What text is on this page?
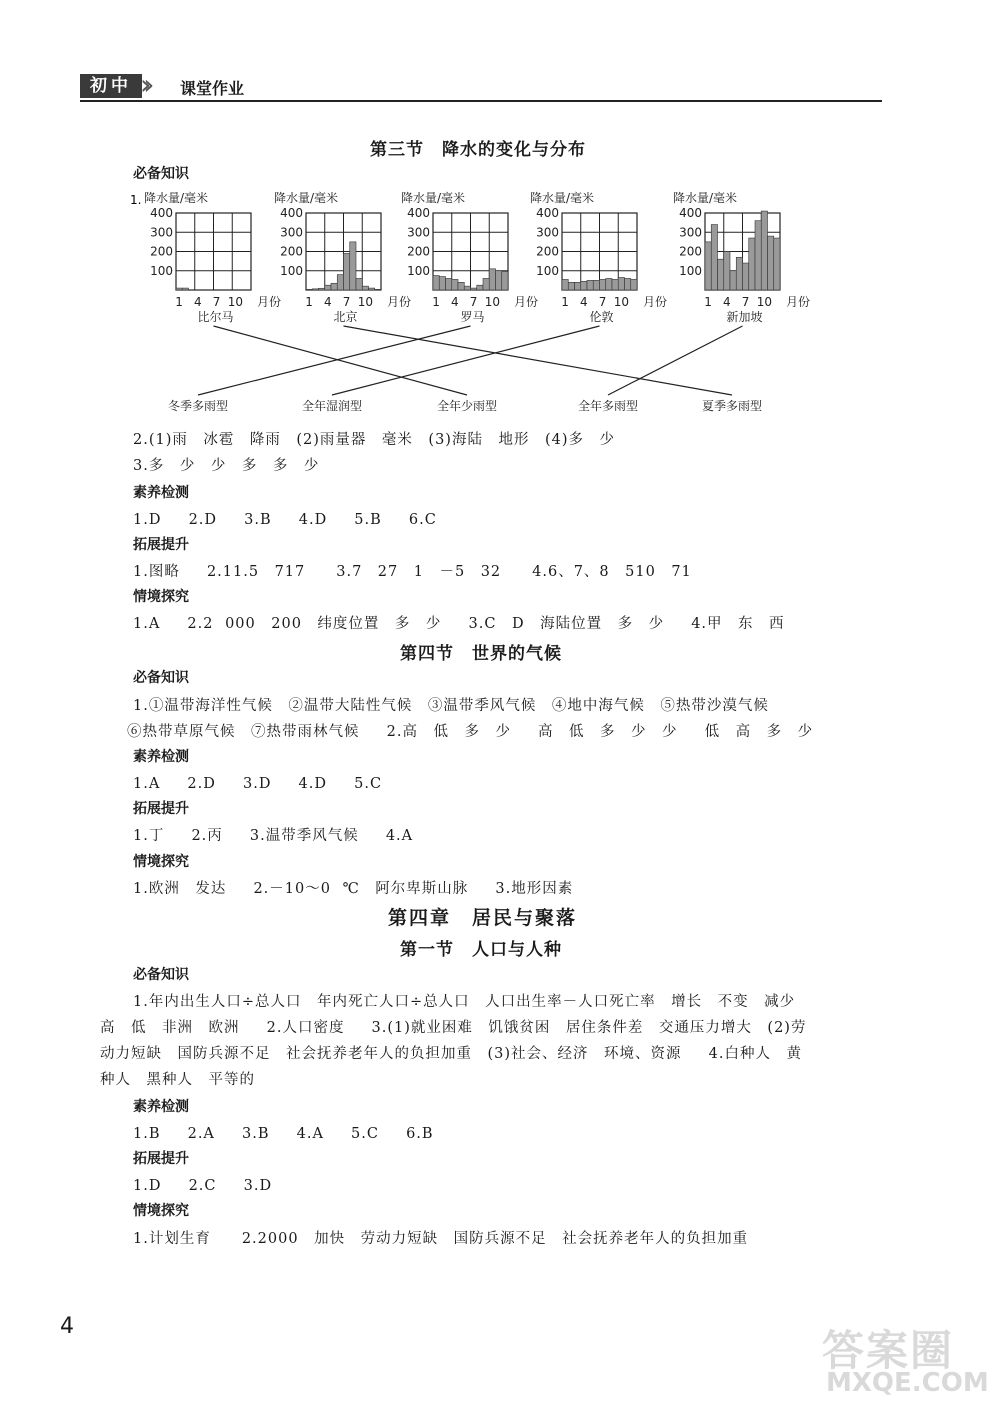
初中 ›› 课堂作业
第三节　降水的变化与分布
必备知识
1. 降水量/毫米
400
300
200
100
1 4 7 10 月份
比尔马
降水量/毫米
400
300
200
100
1 4 7 10 月份
北京
降水量/毫米
400
300
200
100
1 4 7 10 月份
罗马
降水量/毫米
400
300
200
100
1 4 7 10 月份
伦敦
降水量/毫米
400
300
200
100
1 4 7 10 月份
新加坡
冬季多雨型	全年湿润型	全年少雨型	全年多雨型	夏季多雨型
2.(1)雨　冰雹　降雨　(2)雨量器　毫米　(3)海陆　地形　(4)多　少
3.多　少　少　多　多　少
素养检测
1.D　 2.D　 3.B　 4.D　 5.B　 6.C
拓展提升
1.图略　 2.11.5　717　　3.7　27　1　－5　32　　4.6、7、8　510　71
情境探究
1.A　 2.2 000　200　纬度位置　多　少　 3.C　D　海陆位置　多　少　 4.甲　东　西
第四节　世界的气候
必备知识
1.①温带海洋性气候　②温带大陆性气候　③温带季风气候　④地中海气候　⑤热带沙漠气候
⑥热带草原气候　⑦热带雨林气候　 2.高　低　多　少　 高　低　多　少　少　 低　高　多　少
素养检测
1.A　 2.D　 3.D　 4.D　 5.C
拓展提升
1.丁　 2.丙　 3.温带季风气候　 4.A
情境探究
1.欧洲　发达　 2.－10～0 ℃　阿尔卑斯山脉　 3.地形因素
第四章　居民与聚落
第一节　人口与人种
必备知识
1.年内出生人口÷总人口　年内死亡人口÷总人口　人口出生率－人口死亡率　增长　不变　减少
高　低　非洲　欧洲　 2.人口密度　 3.(1)就业困难　饥饿贫困　居住条件差　交通压力增大　(2)劳
动力短缺　国防兵源不足　社会抚养老年人的负担加重　(3)社会、经济　环境、资源　 4.白种人　黄
种人　黑种人　平等的
素养检测
1.B　 2.A　 3.B　 4.A　 5.C　 6.B
拓展提升
1.D　 2.C　 3.D
情境探究
1.计划生育　　2.2000　加快　劳动力短缺　国防兵源不足　社会抚养老年人的负担加重
4	答案圈
MXQE.COM
